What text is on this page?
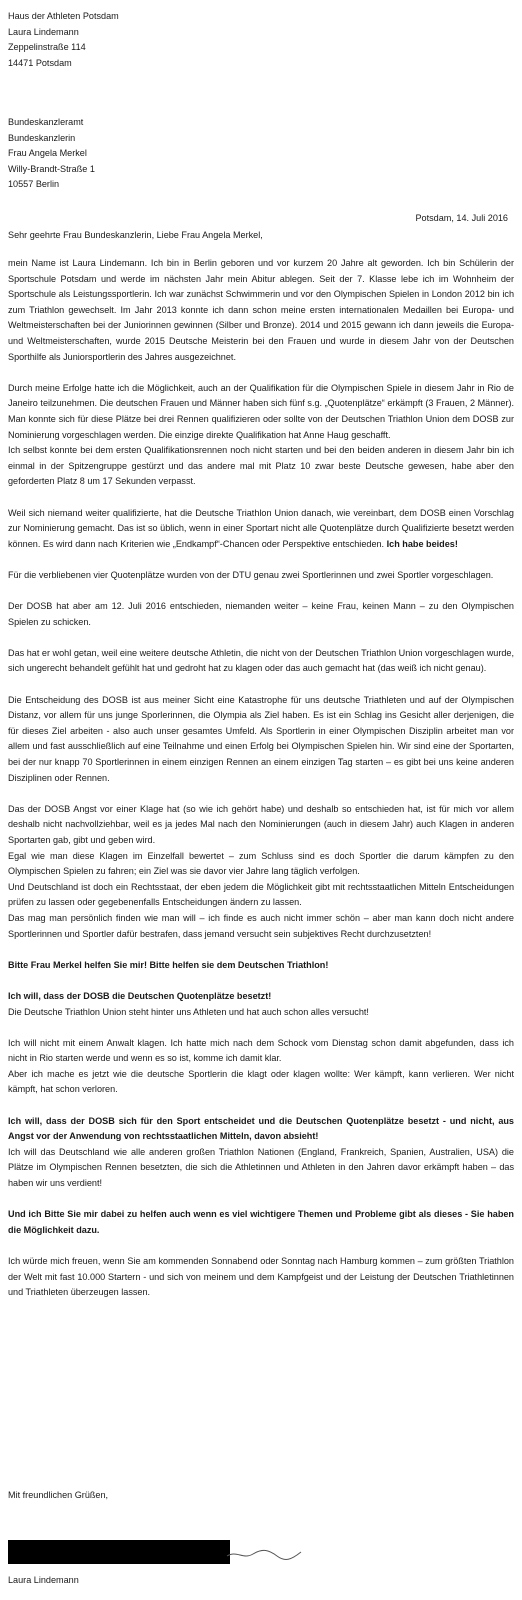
Haus der Athleten Potsdam

Laura Lindemann

Zeppelinstraße 114

14471 Potsdam

Bundeskanzleramt

Bundeskanzlerin

Frau Angela Merkel

Willy-Brandt-Straße 1

10557 Berlin

Potsdam, 14. Juli 2016

Sehr geehrte Frau Bundeskanzlerin, Liebe Frau Angela Merkel,

mein Name ist Laura Lindemann. Ich bin in Berlin geboren und vor kurzem 20 Jahre alt geworden. Ich bin Schülerin der Sportschule Potsdam und werde im nächsten Jahr mein Abitur ablegen. Seit der 7. Klasse lebe ich im Wohnheim der Sportschule als Leistungssportlerin. Ich war zunächst Schwimmerin und vor den Olympischen Spielen in London 2012 bin ich zum Triathlon gewechselt. Im Jahr 2013 konnte ich dann schon meine ersten internationalen Medaillen bei Europa- und Weltmeisterschaften bei der Juniorinnen gewinnen (Silber und Bronze). 2014 und 2015 gewann ich dann jeweils die Europa- und Weltmeisterschaften, wurde 2015 Deutsche Meisterin bei den Frauen und wurde in diesem Jahr von der Deutschen Sporthilfe als Juniorsportlerin des Jahres ausgezeichnet.

Durch meine Erfolge hatte ich die Möglichkeit, auch an der Qualifikation für die Olympischen Spiele in diesem Jahr in Rio de Janeiro teilzunehmen. Die deutschen Frauen und Männer haben sich fünf s.g. „Quotenplätze“ erkämpft (3 Frauen, 2 Männer). Man konnte sich für diese Plätze bei drei Rennen qualifizieren oder sollte von der Deutschen Triathlon Union dem DOSB zur Nominierung vorgeschlagen werden. Die einzige direkte Qualifikation hat Anne Haug geschafft.

Ich selbst konnte bei dem ersten Qualifikationsrennen noch nicht starten und bei den beiden anderen in diesem Jahr bin ich einmal in der Spitzengruppe gestürzt und das andere mal mit Platz 10 zwar beste Deutsche gewesen, habe aber den geforderten Platz 8 um 17 Sekunden verpasst.

Weil sich niemand weiter qualifizierte, hat die Deutsche Triathlon Union danach, wie vereinbart, dem DOSB einen Vorschlag zur Nominierung gemacht. Das ist so üblich, wenn in einer Sportart nicht alle Quotenplätze durch Qualifizierte besetzt werden können. Es wird dann nach Kriterien wie „Endkampf“-Chancen oder Perspektive entschieden. Ich habe beides!

Für die verbliebenen vier Quotenplätze wurden von der DTU genau zwei Sportlerinnen und zwei Sportler vorgeschlagen.

Der DOSB hat aber am 12. Juli 2016 entschieden, niemanden weiter – keine Frau, keinen Mann – zu den Olympischen Spielen zu schicken.

Das hat er wohl getan, weil eine weitere deutsche Athletin, die nicht von der Deutschen Triathlon Union vorgeschlagen wurde, sich ungerecht behandelt gefühlt hat und gedroht hat zu klagen oder das auch gemacht hat (das weiß ich nicht genau).

Die Entscheidung des DOSB ist aus meiner Sicht eine Katastrophe für uns deutsche Triathleten und auf der Olympischen Distanz, vor allem für uns junge Sporlerinnen, die Olympia als Ziel haben. Es ist ein Schlag ins Gesicht aller derjenigen, die für dieses Ziel arbeiten - also auch unser gesamtes Umfeld. Als Sportlerin in einer Olympischen Disziplin arbeitet man vor allem und fast ausschließlich auf eine Teilnahme und einen Erfolg bei Olympischen Spielen hin. Wir sind eine der Sportarten, bei der nur knapp 70 Sportlerinnen in einem einzigen Rennen an einem einzigen Tag starten – es gibt bei uns keine anderen Disziplinen oder Rennen.

Das der DOSB Angst vor einer Klage hat (so wie ich gehört habe) und deshalb so entschieden hat, ist für mich vor allem deshalb nicht nachvollziehbar, weil es ja jedes Mal nach den Nominierungen (auch in diesem Jahr) auch Klagen in anderen Sportarten gab, gibt und geben wird.

Egal wie man diese Klagen im Einzelfall bewertet – zum Schluss sind es doch Sportler die darum kämpfen zu den Olympischen Spielen zu fahren; ein Ziel was sie davor vier Jahre lang täglich verfolgen.

Und Deutschland ist doch ein Rechtsstaat, der eben jedem die Möglichkeit gibt mit rechtsstaatlichen Mitteln Entscheidungen prüfen zu lassen oder gegebenenfalls Entscheidungen ändern zu lassen.

Das mag man persönlich finden wie man will – ich finde es auch nicht immer schön – aber man kann doch nicht andere Sportlerinnen und Sportler dafür bestrafen, dass jemand versucht sein subjektives Recht durchzusetzten!

Bitte Frau Merkel helfen Sie mir! Bitte helfen sie dem Deutschen Triathlon!

Ich will, dass der DOSB die Deutschen Quotenplätze besetzt!

Die Deutsche Triathlon Union steht hinter uns Athleten und hat auch schon alles versucht!

Ich will nicht mit einem Anwalt klagen. Ich hatte mich nach dem Schock vom Dienstag schon damit abgefunden, dass ich nicht in Rio starten werde und wenn es so ist, komme ich damit klar.

Aber ich mache es jetzt wie die deutsche Sportlerin die klagt oder klagen wollte: Wer kämpft, kann verlieren. Wer nicht kämpft, hat schon verloren.

Ich will, dass der DOSB sich für den Sport entscheidet und die Deutschen Quotenplätze besetzt - und nicht, aus Angst vor der Anwendung von rechtsstaatlichen Mitteln, davon absieht!

Ich will das Deutschland wie alle anderen großen Triathlon Nationen (England, Frankreich, Spanien, Australien, USA) die Plätze im Olympischen Rennen besetzten, die sich die Athletinnen und Athleten in den Jahren davor erkämpft haben – das haben wir uns verdient!

Und ich Bitte Sie mir dabei zu helfen auch wenn es viel wichtigere Themen und Probleme gibt als dieses - Sie haben die Möglichkeit dazu.

Ich würde mich freuen, wenn Sie am kommenden Sonnabend oder Sonntag nach Hamburg kommen – zum größten Triathlon der Welt mit fast 10.000 Startern - und sich von meinem und dem Kampfgeist und der Leistung der Deutschen Triathletinnen und Triathleten überzeugen lassen.

Mit freundlichen Grüßen,

Laura Lindemann
